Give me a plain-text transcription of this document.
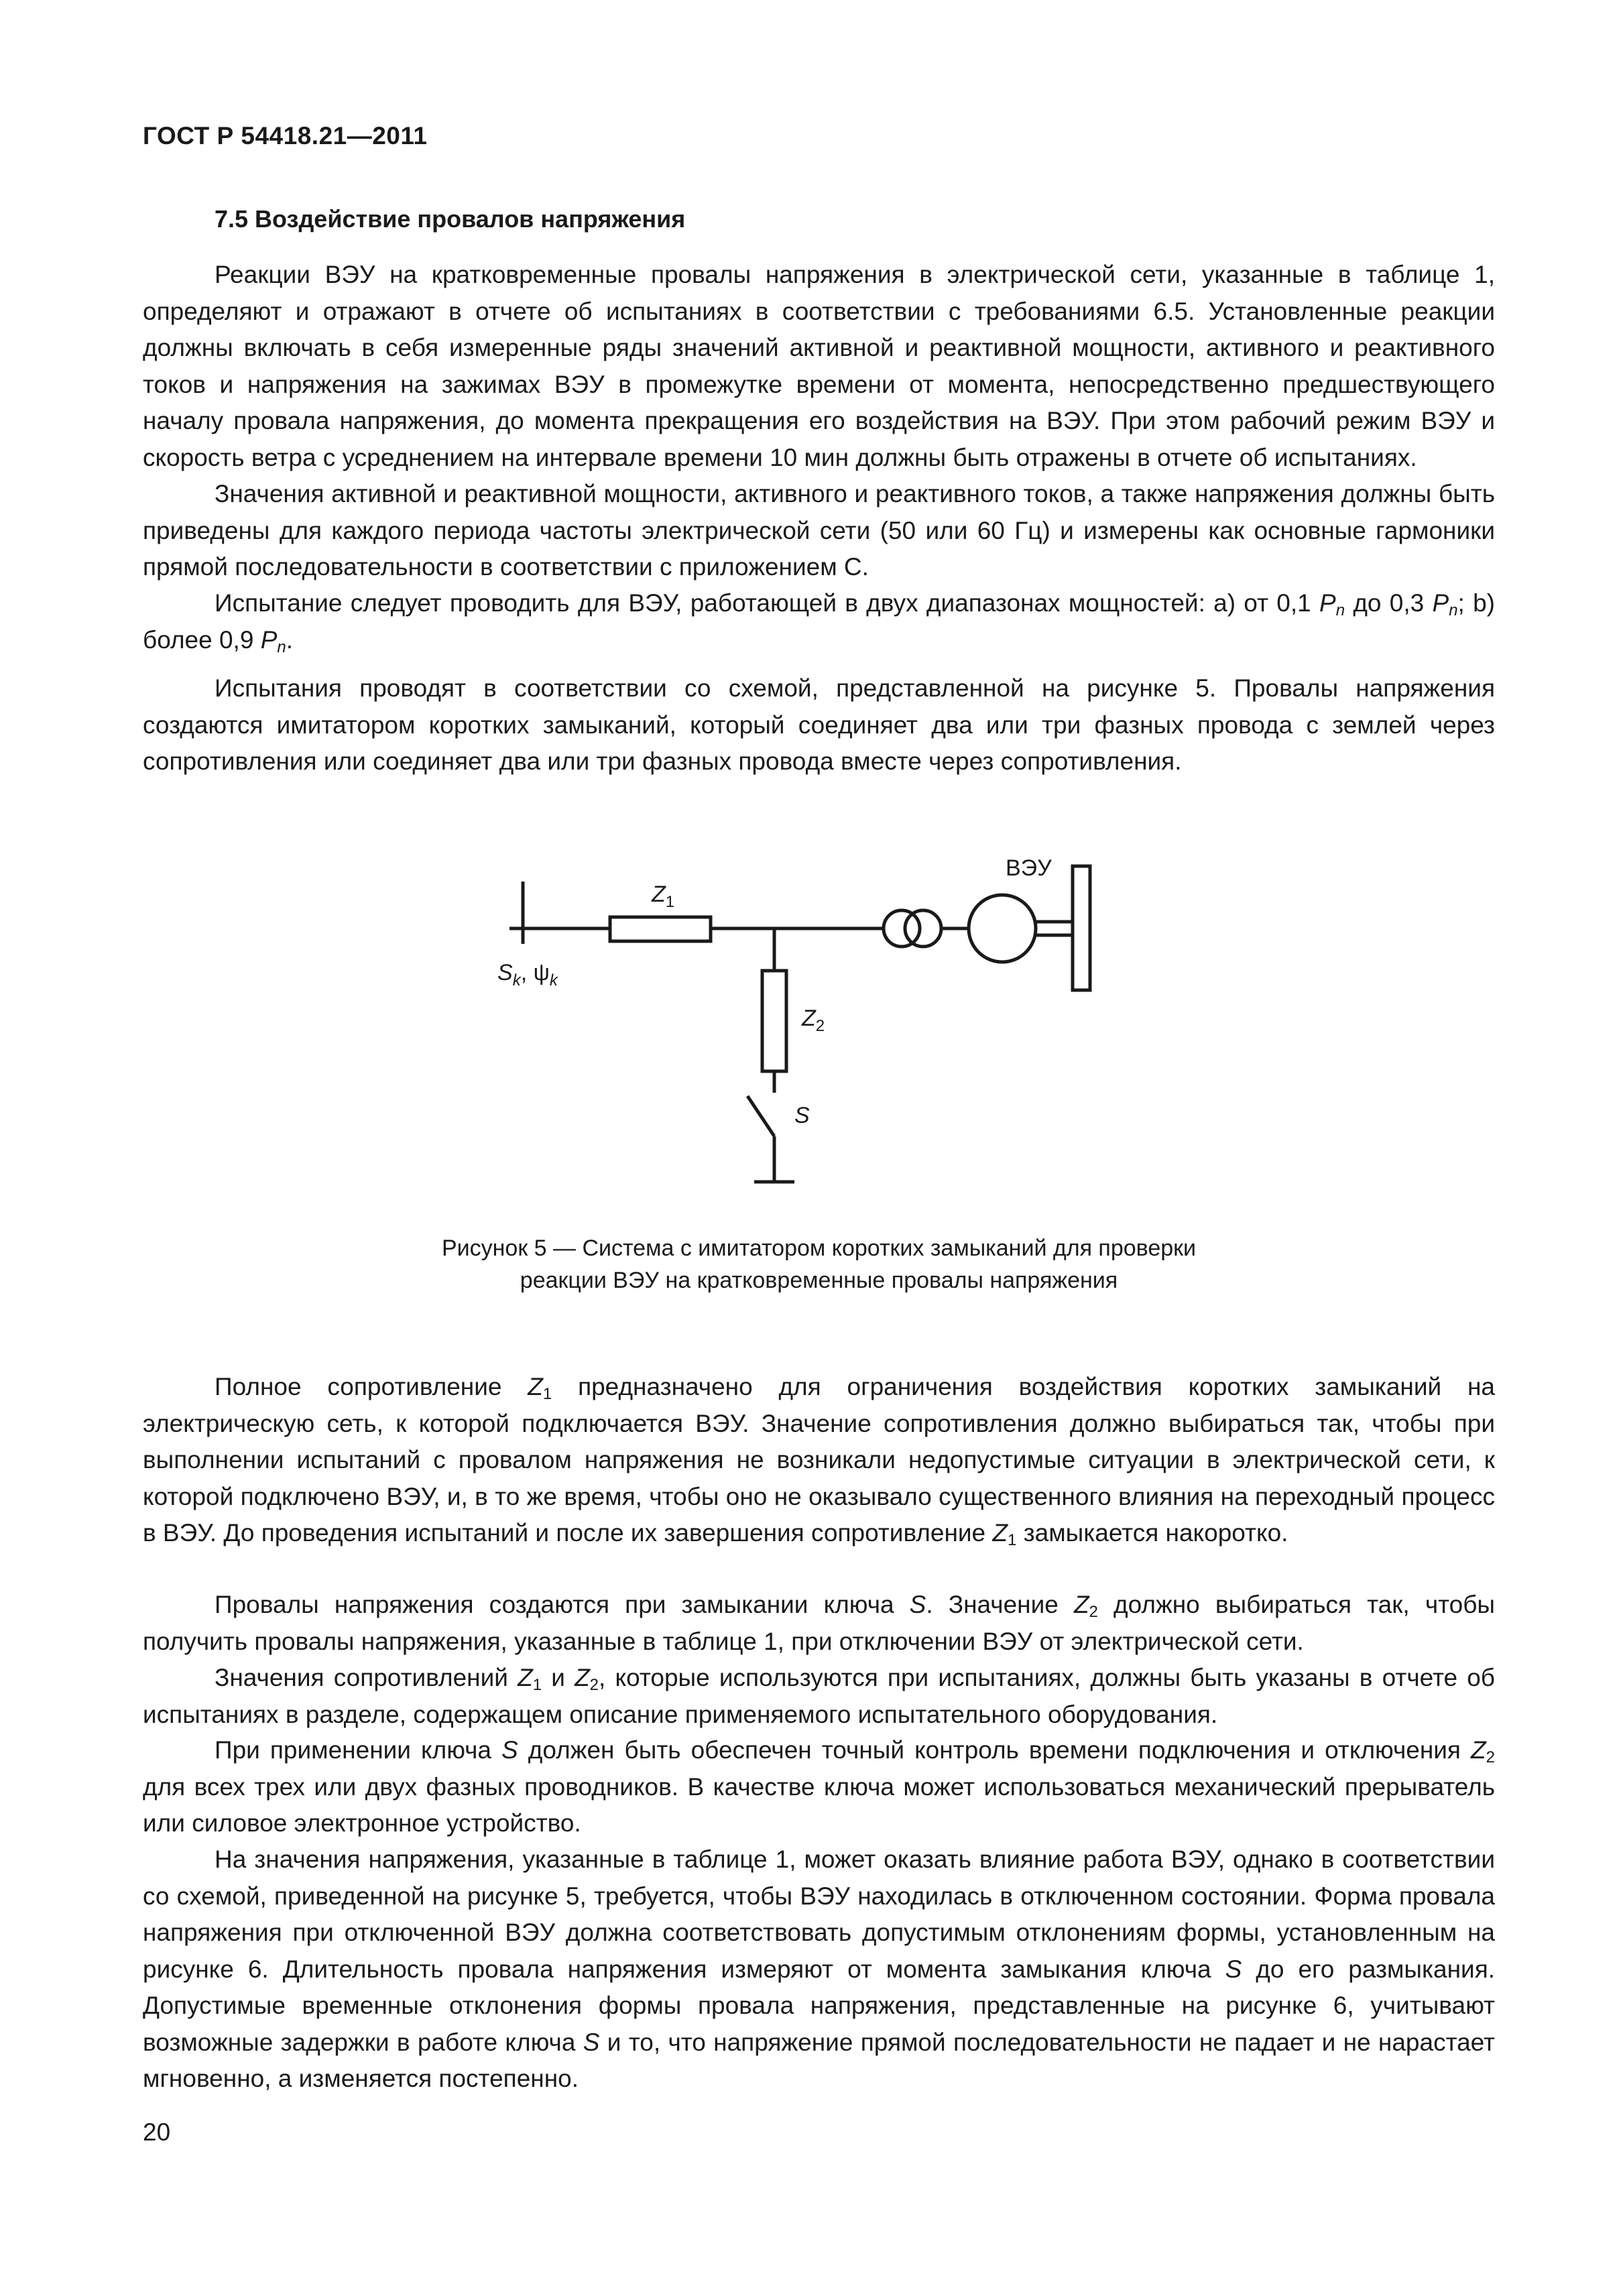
ГОСТ Р 54418.21—2011
7.5 Воздействие провалов напряжения

Реакции ВЭУ на кратковременные провалы напряжения в электрической сети, указанные в таблице 1, определяют и отражают в отчете об испытаниях в соответствии с требованиями 6.5. Установленные реакции должны включать в себя измеренные ряды значений активной и реактивной мощности, активного и реактивного токов и напряжения на зажимах ВЭУ в промежутке времени от момента, непосредственно предшествующего началу провала напряжения, до момента прекращения его воздействия на ВЭУ. При этом рабочий режим ВЭУ и скорость ветра с усреднением на интервале времени 10 мин должны быть отражены в отчете об испытаниях.

Значения активной и реактивной мощности, активного и реактивного токов, а также напряжения должны быть приведены для каждого периода частоты электрической сети (50 или 60 Гц) и измерены как основные гармоники прямой последовательности в соответствии с приложением С.

Испытание следует проводить для ВЭУ, работающей в двух диапазонах мощностей: a) от 0,1 $P_n$ до 0,3 $P_n$; b) более 0,9 $P_n$.

Испытания проводят в соответствии со схемой, представленной на рисунке 5. Провалы напряжения создаются имитатором коротких замыканий, который соединяет два или три фазных провода с землей через сопротивления или соединяет два или три фазных провода вместе через сопротивления.

$Z_1$
$S_k$, $\psi_k$
$Z_2$
S
ВЭУ
Рисунок 5 — Система с имитатором коротких замыканий для проверки
реакции ВЭУ на кратковременные провалы напряжения

Полное сопротивление $Z_1$ предназначено для ограничения воздействия коротких замыканий на электрическую сеть, к которой подключается ВЭУ. Значение сопротивления должно выбираться так, чтобы при выполнении испытаний с провалом напряжения не возникали недопустимые ситуации в электрической сети, к которой подключено ВЭУ, и, в то же время, чтобы оно не оказывало существенного влияния на переходный процесс в ВЭУ. До проведения испытаний и после их завершения сопротивление $Z_1$ замыкается накоротко.

Провалы напряжения создаются при замыкании ключа S. Значение $Z_2$ должно выбираться так, чтобы получить провалы напряжения, указанные в таблице 1, при отключении ВЭУ от электрической сети.

Значения сопротивлений $Z_1$ и $Z_2$, которые используются при испытаниях, должны быть указаны в отчете об испытаниях в разделе, содержащем описание применяемого испытательного оборудования.

При применении ключа S должен быть обеспечен точный контроль времени подключения и отключения $Z_2$ для всех трех или двух фазных проводников. В качестве ключа может использоваться механический прерыватель или силовое электронное устройство.

На значения напряжения, указанные в таблице 1, может оказать влияние работа ВЭУ, однако в соответствии со схемой, приведенной на рисунке 5, требуется, чтобы ВЭУ находилась в отключенном состоянии. Форма провала напряжения при отключенной ВЭУ должна соответствовать допустимым отклонениям формы, установленным на рисунке 6. Длительность провала напряжения измеряют от момента замыкания ключа S до его размыкания. Допустимые временные отклонения формы провала напряжения, представленные на рисунке 6, учитывают возможные задержки в работе ключа S и то, что напряжение прямой последовательности не падает и не нарастает мгновенно, а изменяется постепенно.

20
